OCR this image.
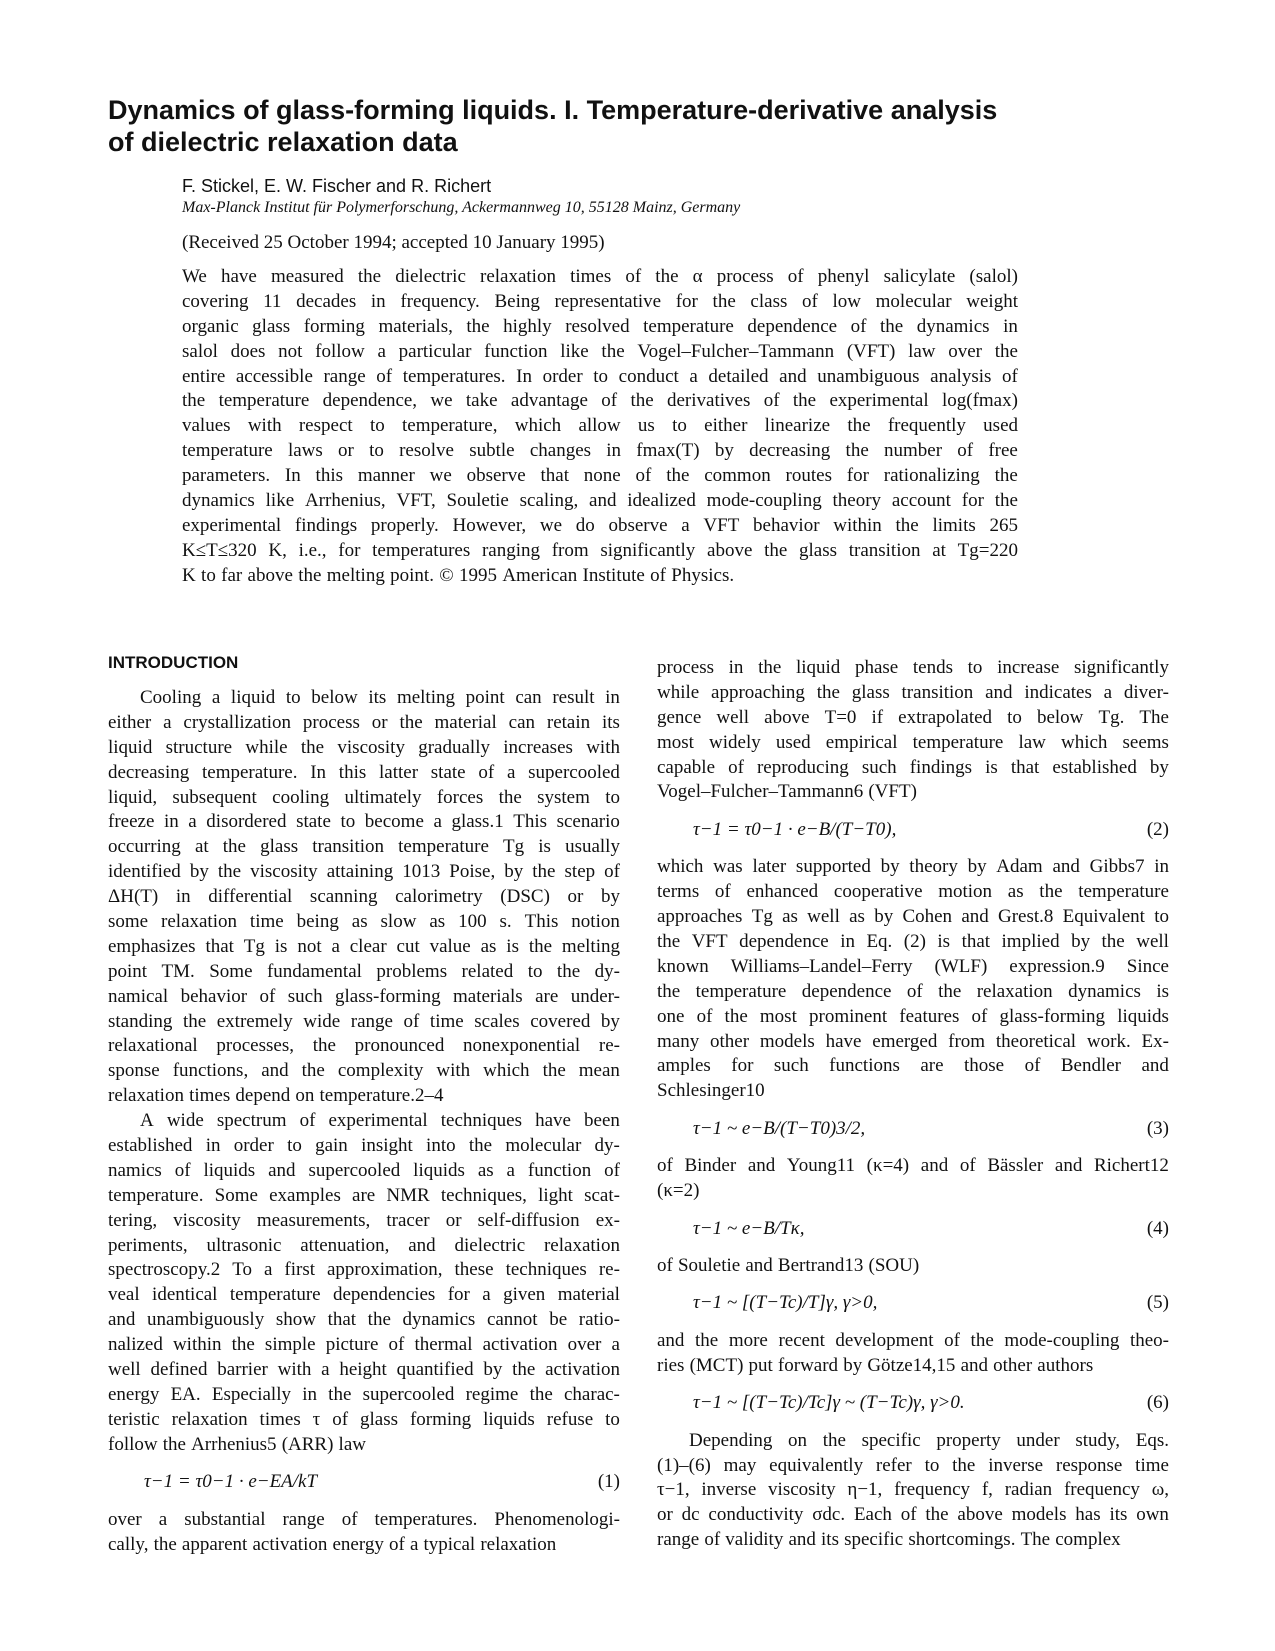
Dynamics of glass-forming liquids. I. Temperature-derivative analysis
of dielectric relaxation data

F. Stickel, E. W. Fischer and R. Richert

Max-Planck Institut für Polymerforschung, Ackermannweg 10, 55128 Mainz, Germany

(Received 25 October 1994; accepted 10 January 1995)

We have measured the dielectric relaxation times of the α process of phenyl salicylate (salol)
covering 11 decades in frequency. Being representative for the class of low molecular weight
organic glass forming materials, the highly resolved temperature dependence of the dynamics in
salol does not follow a particular function like the Vogel–Fulcher–Tammann (VFT) law over the
entire accessible range of temperatures. In order to conduct a detailed and unambiguous analysis of
the temperature dependence, we take advantage of the derivatives of the experimental log(fmax)
values with respect to temperature, which allow us to either linearize the frequently used
temperature laws or to resolve subtle changes in fmax(T) by decreasing the number of free
parameters. In this manner we observe that none of the common routes for rationalizing the
dynamics like Arrhenius, VFT, Souletie scaling, and idealized mode-coupling theory account for the
experimental findings properly. However, we do observe a VFT behavior within the limits 265
K≤T≤320 K, i.e., for temperatures ranging from significantly above the glass transition at Tg=220
K to far above the melting point. © 1995 American Institute of Physics.
INTRODUCTION
Cooling a liquid to below its melting point can result in
either a crystallization process or the material can retain its
liquid structure while the viscosity gradually increases with
decreasing temperature. In this latter state of a supercooled
liquid, subsequent cooling ultimately forces the system to
freeze in a disordered state to become a glass.1 This scenario
occurring at the glass transition temperature Tg is usually
identified by the viscosity attaining 1013 Poise, by the step of
ΔH(T) in differential scanning calorimetry (DSC) or by
some relaxation time being as slow as 100 s. This notion
emphasizes that Tg is not a clear cut value as is the melting
point TM. Some fundamental problems related to the dy-
namical behavior of such glass-forming materials are under-
standing the extremely wide range of time scales covered by
relaxational processes, the pronounced nonexponential re-
sponse functions, and the complexity with which the mean
relaxation times depend on temperature.2–4
A wide spectrum of experimental techniques have been
established in order to gain insight into the molecular dy-
namics of liquids and supercooled liquids as a function of
temperature. Some examples are NMR techniques, light scat-
tering, viscosity measurements, tracer or self-diffusion ex-
periments, ultrasonic attenuation, and dielectric relaxation
spectroscopy.2 To a first approximation, these techniques re-
veal identical temperature dependencies for a given material
and unambiguously show that the dynamics cannot be ratio-
nalized within the simple picture of thermal activation over a
well defined barrier with a height quantified by the activation
energy EA. Especially in the supercooled regime the charac-
teristic relaxation times τ of glass forming liquids refuse to
follow the Arrhenius5 (ARR) law
τ−1 = τ0−1 · e−EA/kT	(1)
over a substantial range of temperatures. Phenomenologi-
cally, the apparent activation energy of a typical relaxation
process in the liquid phase tends to increase significantly
while approaching the glass transition and indicates a diver-
gence well above T=0 if extrapolated to below Tg. The
most widely used empirical temperature law which seems
capable of reproducing such findings is that established by
Vogel–Fulcher–Tammann6 (VFT)
τ−1 = τ0−1 · e−B/(T−T0),	(2)
which was later supported by theory by Adam and Gibbs7 in
terms of enhanced cooperative motion as the temperature
approaches Tg as well as by Cohen and Grest.8 Equivalent to
the VFT dependence in Eq. (2) is that implied by the well
known Williams–Landel–Ferry (WLF) expression.9 Since
the temperature dependence of the relaxation dynamics is
one of the most prominent features of glass-forming liquids
many other models have emerged from theoretical work. Ex-
amples for such functions are those of Bendler and
Schlesinger10
τ−1 ~ e−B/(T−T0)3/2,	(3)
of Binder and Young11 (κ=4) and of Bässler and Richert12
(κ=2)
τ−1 ~ e−B/Tκ,	(4)
of Souletie and Bertrand13 (SOU)
τ−1 ~ [(T−Tc)/T]γ, γ>0,	(5)
and the more recent development of the mode-coupling theo-
ries (MCT) put forward by Götze14,15 and other authors
τ−1 ~ [(T−Tc)/Tc]γ ~ (T−Tc)γ, γ>0.	(6)
Depending on the specific property under study, Eqs.
(1)–(6) may equivalently refer to the inverse response time
τ−1, inverse viscosity η−1, frequency f, radian frequency ω,
or dc conductivity σdc. Each of the above models has its own
range of validity and its specific shortcomings. The complex
